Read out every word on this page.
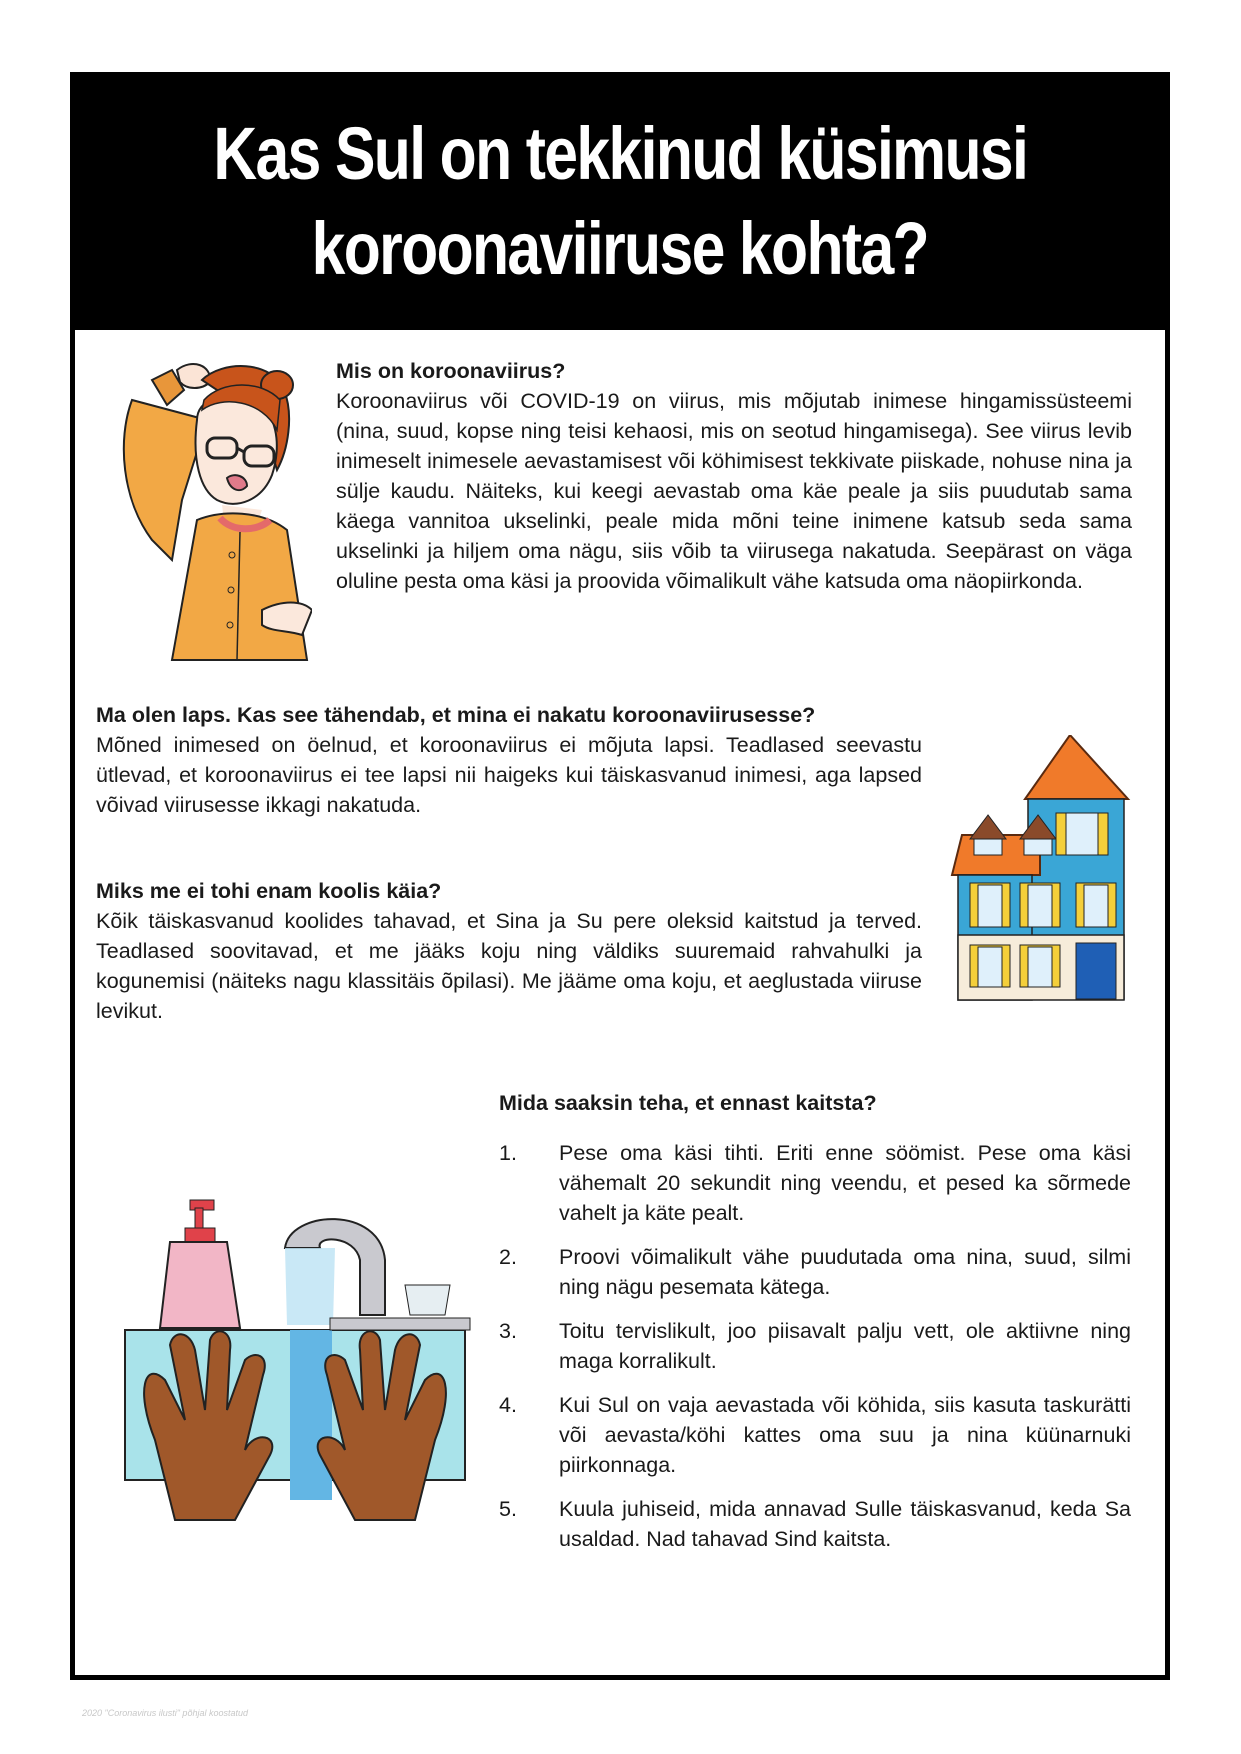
Kas Sul on tekkinud küsimusi
koroonaviiruse kohta?
Mis on koroonaviirus?

Koroonaviirus või COVID-19 on viirus, mis mõjutab inimese hingamissüsteemi (nina, suud, kopse ning teisi kehaosi, mis on seotud hingamisega). See viirus levib inimeselt inimesele aevastamisest või köhimisest tekkivate piiskade, nohuse nina ja sülje kaudu. Näiteks, kui keegi aevastab oma käe peale ja siis puudutab sama käega vannitoa ukselinki, peale mida mõni teine inimene katsub seda sama ukselinki ja hiljem oma nägu, siis võib ta viirusega nakatuda. Seepärast on väga oluline pesta oma käsi ja proovida võimalikult vähe katsuda oma näopiirkonda.

Ma olen laps. Kas see tähendab, et mina ei nakatu koroonaviirusesse?

Mõned inimesed on öelnud, et koroonaviirus ei mõjuta lapsi. Teadlased seevastu ütlevad, et koroonaviirus ei tee lapsi nii haigeks kui täiskasvanud inimesi, aga lapsed võivad viirusesse ikkagi nakatuda.

Miks me ei tohi enam koolis käia?

Kõik täiskasvanud koolides tahavad, et Sina ja Su pere oleksid kaitstud ja terved. Teadlased soovitavad, et me jääks koju ning väldiks suuremaid rahvahulki ja kogunemisi (näiteks nagu klassitäis õpilasi). Me jääme oma koju, et aeglustada viiruse levikut.

Mida saaksin teha, et ennast kaitsta?
1. Pese oma käsi tihti. Eriti enne söömist. Pese oma käsi vähemalt 20 sekundit ning veendu, et pesed ka sõrmede vahelt ja käte pealt.
2. Proovi võimalikult vähe puudutada oma nina, suud, silmi ning nägu pesemata kätega.
3. Toitu tervislikult, joo piisavalt palju vett, ole aktiivne ning maga korralikult.
4. Kui Sul on vaja aevastada või köhida, siis kasuta taskurätti või aevasta/köhi kattes oma suu ja nina küünarnuki piirkonnaga.
5. Kuula juhiseid, mida annavad Sulle täiskasvanud, keda Sa usaldad. Nad tahavad Sind kaitsta.
2020 "Coronavirus ilusti" põhjal koostatud
